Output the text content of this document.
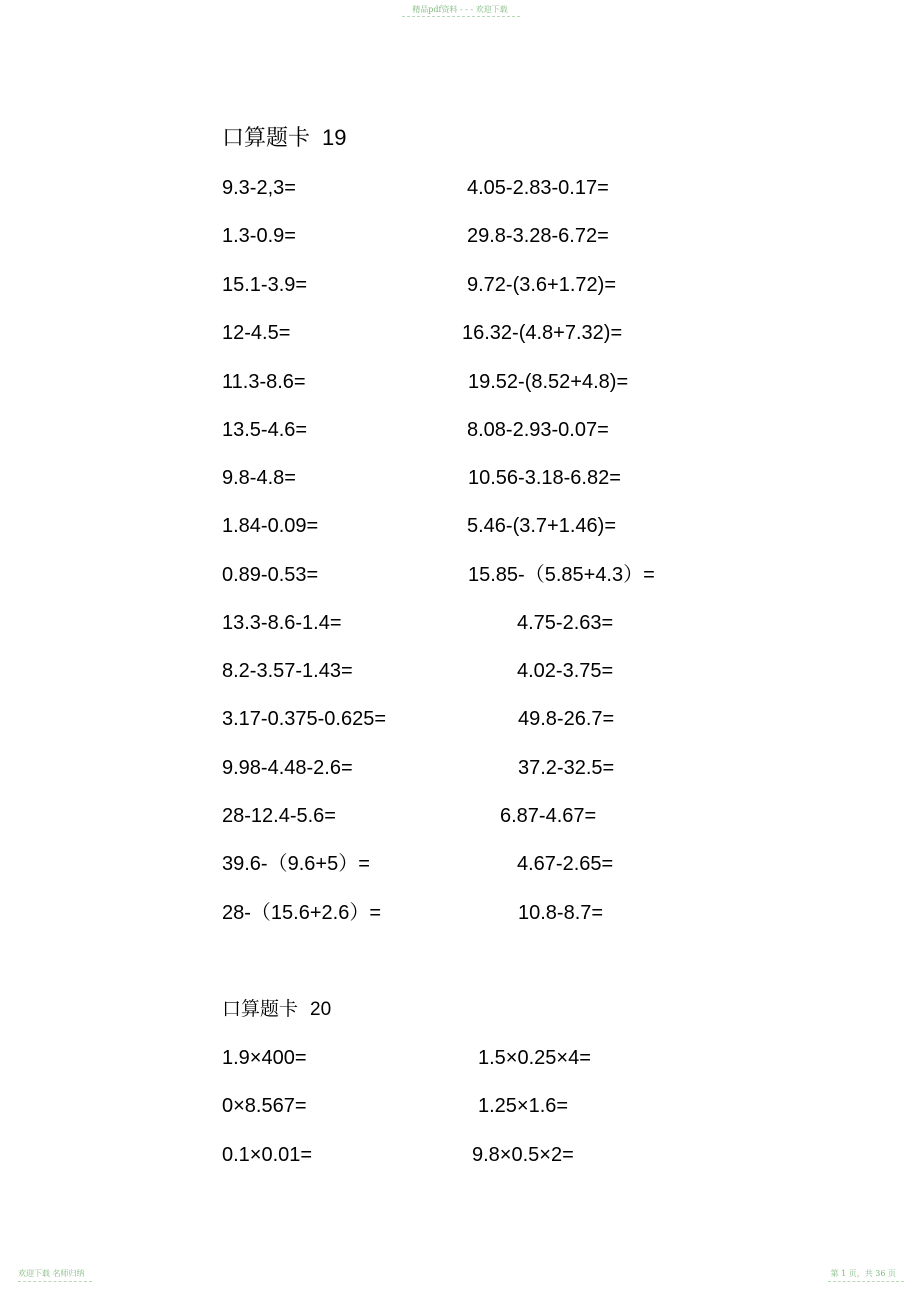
精品pdf资料 - - - 欢迎下载
口算题卡 19
9.3-2,3=
1.3-0.9=
15.1-3.9=
12-4.5=
11.3-8.6=
13.5-4.6=
9.8-4.8=
1.84-0.09=
0.89-0.53=
13.3-8.6-1.4=
8.2-3.57-1.43=
3.17-0.375-0.625=
9.98-4.48-2.6=
28-12.4-5.6=
39.6-（9.6+5）=
28-（15.6+2.6）=
4.05-2.83-0.17=
29.8-3.28-6.72=
9.72-(3.6+1.72)=
16.32-(4.8+7.32)=
19.52-(8.52+4.8)=
8.08-2.93-0.07=
10.56-3.18-6.82=
5.46-(3.7+1.46)=
15.85-（5.85+4.3）=
4.75-2.63=
4.02-3.75=
49.8-26.7=
37.2-32.5=
6.87-4.67=
4.67-2.65=
10.8-8.7=
口算题卡 20
1.9×400=
0×8.567=
0.1×0.01=
1.5×0.25×4=
1.25×1.6=
9.8×0.5×2=
欢迎下载 名师归纳	第 1 页，共 36 页
